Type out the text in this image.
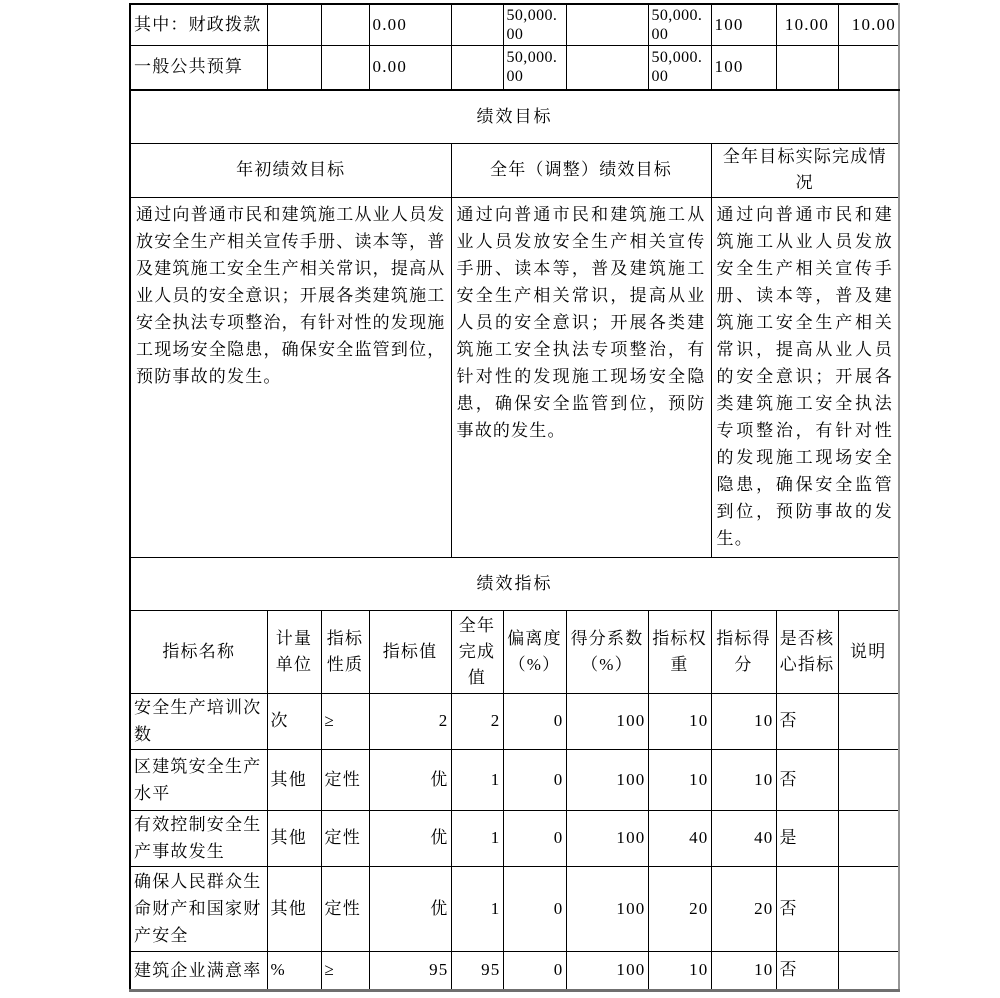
其中：财政拨款			0.00		50,000.00		50,000.00	100	10.00	10.00
一般公共预算			0.00		50,000.00		50,000.00	100		
绩效目标										
年初绩效目标				全年（调整）绩效目标				全年目标实际完成情况		
通过向普通市民和建筑施工从业人员发放安全生产相关宣传手册、读本等，普及建筑施工安全生产相关常识，提高从业人员的安全意识；开展各类建筑施工安全执法专项整治，有针对性的发现施工现场安全隐患，确保安全监管到位，预防事故的发生。				通过向普通市民和建筑施工从业人员发放安全生产相关宣传手册、读本等，普及建筑施工安全生产相关常识，提高从业人员的安全意识；开展各类建筑施工安全执法专项整治，有针对性的发现施工现场安全隐患，确保安全监管到位，预防事故的发生。				通过向普通市民和建筑施工从业人员发放安全生产相关宣传手册、读本等，普及建筑施工安全生产相关常识，提高从业人员的安全意识；开展各类建筑施工安全执法专项整治，有针对性的发现施工现场安全隐患，确保安全监管到位，预防事故的发生。		
绩效指标										
指标名称	计量单位	指标性质	指标值	全年完成值	偏离度（%）	得分系数（%）	指标权重	指标得分	是否核心指标	说明
安全生产培训次数	次	≥	2	2	0	100	10	10	否	
区建筑安全生产水平	其他	定性	优	1	0	100	10	10	否	
有效控制安全生产事故发生	其他	定性	优	1	0	100	40	40	是	
确保人民群众生命财产和国家财产安全	其他	定性	优	1	0	100	20	20	否	
建筑企业满意率	%	≥	95	95	0	100	10	10	否	
